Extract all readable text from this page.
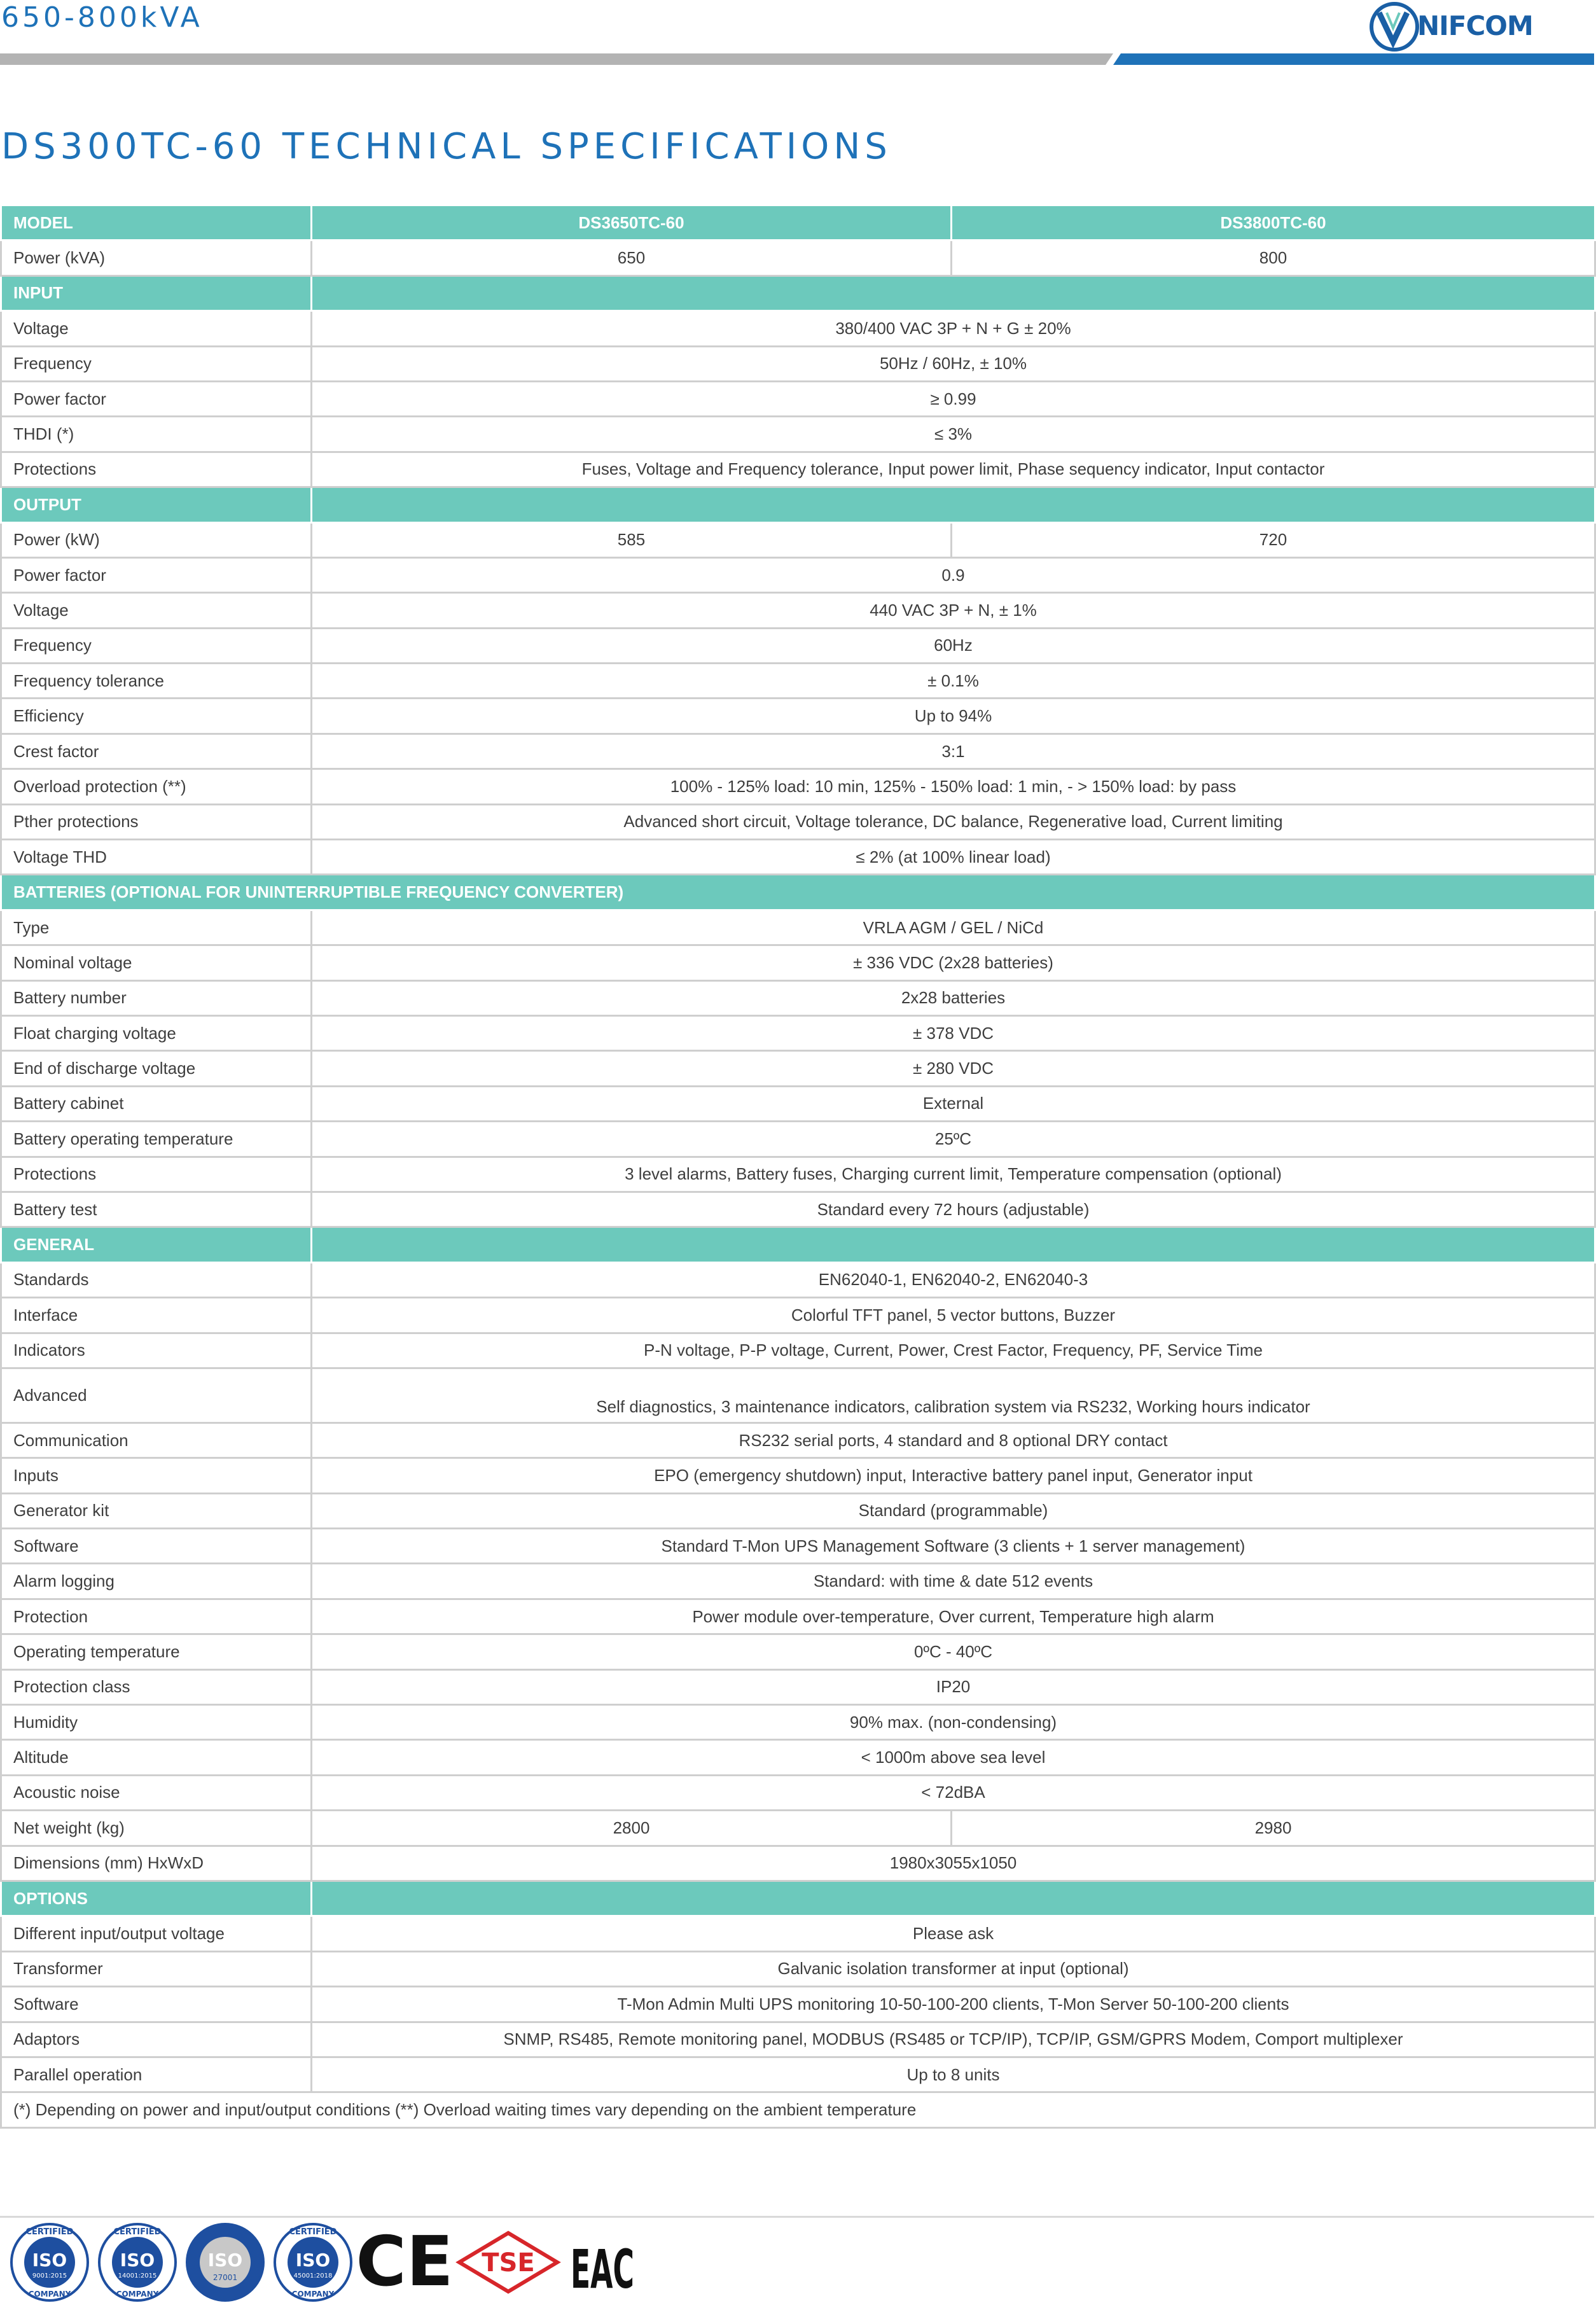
650-800kVA	NIFCOM
DS300TC-60 TECHNICAL SPECIFICATIONS
MODEL	DS3650TC-60	DS3800TC-60
Power (kVA)	650	800
INPUT		
Voltage	380/400 VAC 3P + N + G ± 20%	
Frequency	50Hz / 60Hz, ± 10%	
Power factor	≥ 0.99	
THDI (*)	≤ 3%	
Protections	Fuses, Voltage and Frequency tolerance, Input power limit, Phase sequency indicator, Input contactor	
OUTPUT		
Power (kW)	585	720
Power factor	0.9	
Voltage	440 VAC 3P + N, ± 1%	
Frequency	60Hz	
Frequency tolerance	± 0.1%	
Efficiency	Up to 94%	
Crest factor	3:1	
Overload protection (**)	100% - 125% load: 10 min, 125% - 150% load: 1 min, - > 150% load: by pass	
Pther protections	Advanced short circuit, Voltage tolerance, DC balance, Regenerative load, Current limiting	
Voltage THD	≤ 2% (at 100% linear load)	
BATTERIES (OPTIONAL FOR UNINTERRUPTIBLE FREQUENCY CONVERTER)		
Type	VRLA AGM / GEL / NiCd	
Nominal voltage	± 336 VDC (2x28 batteries)	
Battery number	2x28 batteries	
Float charging voltage	± 378 VDC	
End of discharge voltage	± 280 VDC	
Battery cabinet	External	
Battery operating temperature	25ºC	
Protections	3 level alarms, Battery fuses, Charging current limit, Temperature compensation (optional)	
Battery test	Standard every 72 hours (adjustable)	
GENERAL		
Standards	EN62040-1, EN62040-2, EN62040-3	
Interface	Colorful TFT panel, 5 vector buttons, Buzzer	
Indicators	P-N voltage, P-P voltage, Current, Power, Crest Factor, Frequency, PF, Service Time	
Advanced	Self diagnostics, 3 maintenance indicators, calibration system via RS232, Working hours indicator	
Communication	RS232 serial ports, 4 standard and 8 optional DRY contact	
Inputs	EPO (emergency shutdown) input, Interactive battery panel input, Generator input	
Generator kit	Standard (programmable)	
Software	Standard T-Mon UPS Management Software (3 clients + 1 server management)	
Alarm logging	Standard: with time & date 512 events	
Protection	Power module over-temperature, Over current, Temperature high alarm	
Operating temperature	0ºC - 40ºC	
Protection class	IP20	
Humidity	90% max. (non-condensing)	
Altitude	< 1000m above sea level	
Acoustic noise	< 72dBA	
Net weight (kg)	2800	2980
Dimensions (mm) HxWxD	1980x3055x1050	
OPTIONS		
Different input/output voltage	Please ask	
Transformer	Galvanic isolation transformer at input (optional)	
Software	T-Mon Admin Multi UPS monitoring 10-50-100-200 clients, T-Mon Server 50-100-200 clients	
Adaptors	SNMP, RS485, Remote monitoring panel, MODBUS (RS485 or TCP/IP), TCP/IP, GSM/GPRS Modem, Comport multiplexer	
Parallel operation	Up to 8 units	
(*) Depending on power and input/output conditions (**) Overload waiting times vary depending on the ambient temperature		
CERTIFIED
ISO
9001:2015
COMPANY
CERTIFIED
ISO
14001:2015
COMPANY
ISO
27001
CERTIFIED
ISO
45001:2018
COMPANY CE TSE EAC
